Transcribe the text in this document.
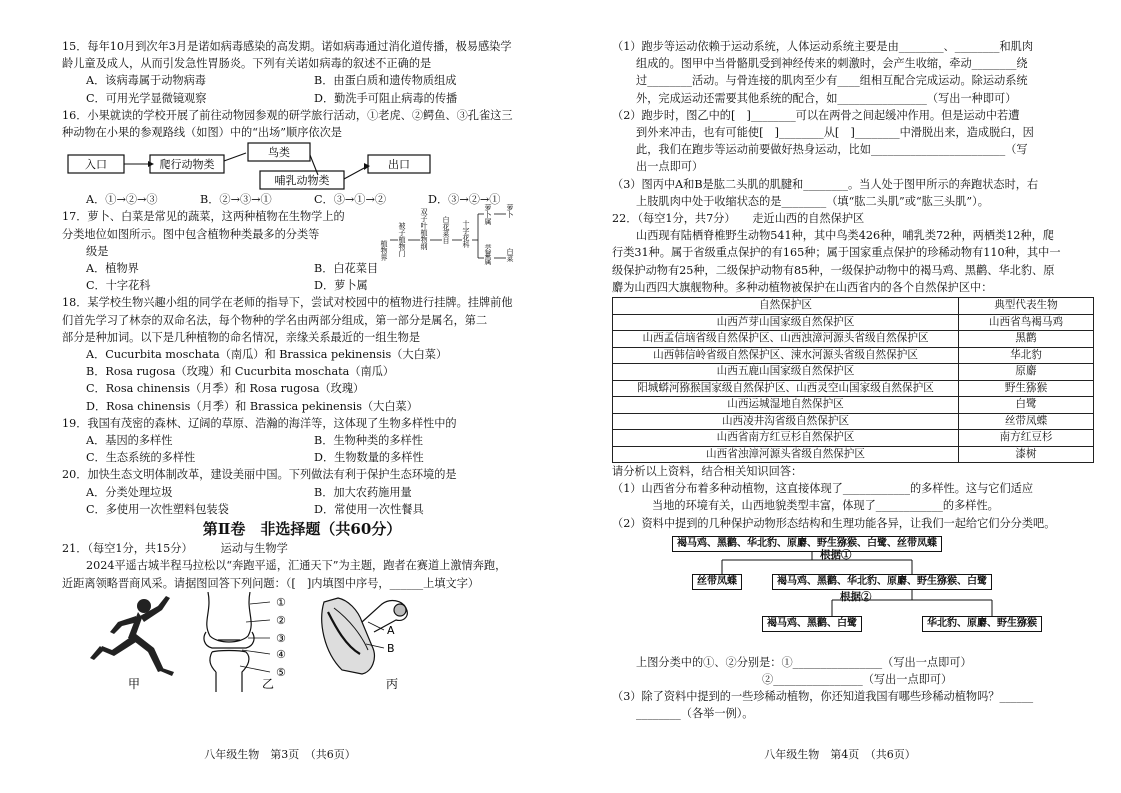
15．每年10月到次年3月是诺如病毒感染的高发期。诺如病毒通过消化道传播，极易感染学

龄儿童及成人，从而引发急性胃肠炎。下列有关诺如病毒的叙述不正确的是

A．该病毒属于动物病毒	B．由蛋白质和遗传物质组成
C．可用光学显微镜观察	D．勤洗手可阻止病毒的传播

16．小果就读的学校开展了前往动物园参观的研学旅行活动，①老虎、②鳄鱼、③孔雀这三

种动物在小果的参观路线（如图）中的“出场”顺序依次是

入口	爬行动物类
鸟类
哺乳动物类
出口
A．①→②→③	B．②→③→①	C．③→①→②	D．③→②→①

17．萝卜、白菜是常见的蔬菜，这两种植物在生物学上的

分类地位如图所示。图中包含植物种类最多的分类等

级是	植物界 被子植物门 双子叶植物纲 白花菜目 十字花科
萝卜属
芸薹属
萝卜
白菜
A．植物界	B．白花菜目
C．十字花科	D．萝卜属

18．某学校生物兴趣小组的同学在老师的指导下，尝试对校园中的植物进行挂牌。挂牌前他

们首先学习了林奈的双命名法，每个物种的学名由两部分组成，第一部分是属名，第二

部分是种加词。以下是几种植物的命名情况，亲缘关系最近的一组生物是

A．Cucurbita moschata（南瓜）和 Brassica pekinensis（大白菜）

B．Rosa rugosa（玫瑰）和 Cucurbita moschata（南瓜）

C．Rosa chinensis（月季）和 Rosa rugosa（玫瑰）

D．Rosa chinensis（月季）和 Brassica pekinensis（大白菜）

19．我国有茂密的森林、辽阔的草原、浩瀚的海洋等，这体现了生物多样性中的

A．基因的多样性	B．生物种类的多样性
C．生态系统的多样性	D．生物数量的多样性

20．加快生态文明体制改革，建设美丽中国。下列做法有利于保护生态环境的是

A．分类处理垃圾	B．加大农药施用量
C．多使用一次性塑料包装袋	D．常使用一次性餐具
第Ⅱ卷　非选择题（共60分）

21．（每空1分，共15分）　　　运动与生物学

2024平遥古城半程马拉松以“奔跑平遥，汇通天下”为主题，跑者在赛道上激情奔跑，

近距离领略晋商风采。请据图回答下列问题：（[　]内填图中序号，______上填文字）

甲
①
②
③
④
⑤
乙
A
B
丙
八年级生物　第3页　（共6页）

（1）跑步等运动依赖于运动系统，人体运动系统主要是由________、________和肌肉

组成的。图甲中当骨骼肌受到神经传来的刺激时，会产生收缩，牵动________绕

过________活动。与骨连接的肌肉至少有____组相互配合完成运动。除运动系统

外，完成运动还需要其他系统的配合，如________________（写出一种即可）

（2）跑步时，图乙中的[　]________可以在两骨之间起缓冲作用。但是运动中若遭

到外来冲击，也有可能使[　]________从[　]________中滑脱出来，造成脱臼，因

此，我们在跑步等运动前要做好热身运动，比如________________________（写

出一点即可）

（3）图丙中A和B是肱二头肌的肌腱和________。当人处于图甲所示的奔跑状态时，右

上肢肌肉中处于收缩状态的是________（填“肱二头肌”或“肱三头肌”）。

22．（每空1分，共7分）　　走近山西的自然保护区

山西现有陆栖脊椎野生动物541种，其中鸟类426种，哺乳类72种，两栖类12种，爬

行类31种。属于省级重点保护的有165种；属于国家重点保护的珍稀动物有110种，其中一

级保护动物有25种，二级保护动物有85种，一级保护动物中的褐马鸡、黑鹳、华北豹、原

麝为山西四大旗舰物种。多种动植物被保护在山西省内的各个自然保护区中：

自然保护区	典型代表生物
山西芦芽山国家级自然保护区	山西省鸟褐马鸡
山西孟信垴省级自然保护区、山西浊漳河源头省级自然保护区	黑鹳
山西韩信岭省级自然保护区、涑水河源头省级自然保护区	华北豹
山西五鹿山国家级自然保护区	原麝
阳城蟒河猕猴国家级自然保护区、山西灵空山国家级自然保护区	野生猕猴
山西运城湿地自然保护区	白鹭
山西凌井沟省级自然保护区	丝带凤蝶
山西省南方红豆杉自然保护区	南方红豆杉
山西省浊漳河源头省级自然保护区	漆树

请分析以上资料，结合相关知识回答：

（1）山西省分布着多种动植物，这直接体现了____________的多样性。这与它们适应

当地的环境有关，山西地貌类型丰富，体现了____________的多样性。

（2）资料中提到的几种保护动物形态结构和生理功能各异，让我们一起给它们分分类吧。

褐马鸡、黑鹳、华北豹、原麝、野生猕猴、白鹭、丝带凤蝶
根据①
丝带凤蝶	褐马鸡、黑鹳、华北豹、原麝、野生猕猴、白鹭
根据②
褐马鸡、黑鹳、白鹭	华北豹、原麝、野生猕猴

上图分类中的①、②分别是：①________________（写出一点即可）

②________________（写出一点即可）

（3）除了资料中提到的一些珍稀动植物，你还知道我国有哪些珍稀动植物吗？______

________（各举一例）。

八年级生物　第4页　（共6页）
